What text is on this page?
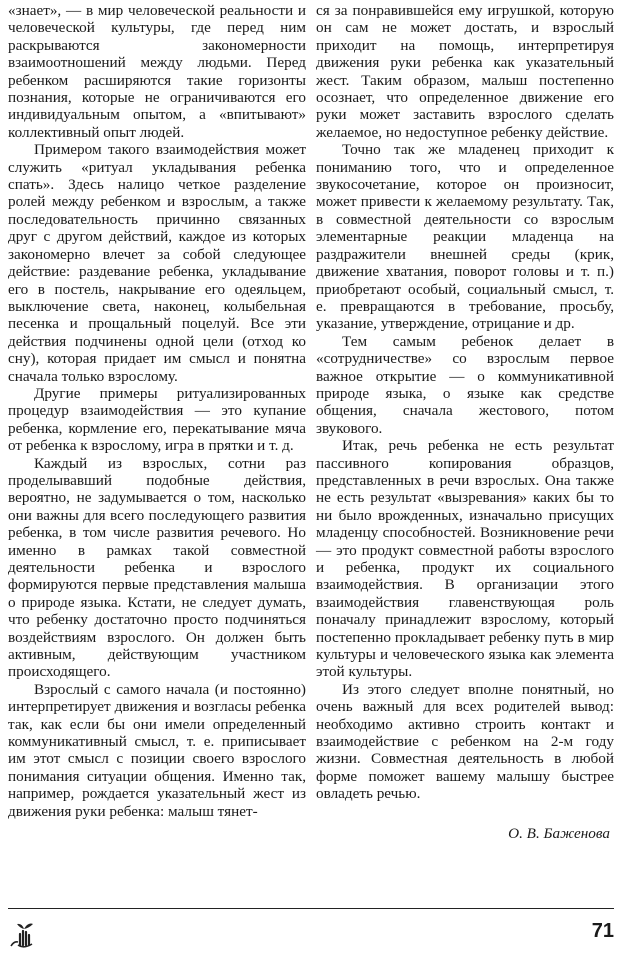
«знает», — в мир человеческой реальности и человеческой культуры, где перед ним раскрываются закономерности взаимоотношений между людьми. Перед ребенком расширяются такие горизонты познания, которые не ограничиваются его индивидуальным опытом, а «впитывают» коллективный опыт людей.

Примером такого взаимодействия может служить «ритуал укладывания ребенка спать». Здесь налицо четкое разделение ролей между ребенком и взрослым, а также последовательность причинно связанных друг с другом действий, каждое из которых закономерно влечет за собой следующее действие: раздевание ребенка, укладывание его в постель, накрывание его одеяльцем, выключение света, наконец, колыбельная песенка и прощальный поцелуй. Все эти действия подчинены одной цели (отход ко сну), которая придает им смысл и понятна сначала только взрослому.

Другие примеры ритуализированных процедур взаимодействия — это купание ребенка, кормление его, перекатывание мяча от ребенка к взрослому, игра в прятки и т. д.

Каждый из взрослых, сотни раз проделывавший подобные действия, вероятно, не задумывается о том, насколько они важны для всего последующего развития ребенка, в том числе развития речевого. Но именно в рамках такой совместной деятельности ребенка и взрослого формируются первые представления малыша о природе языка. Кстати, не следует думать, что ребенку достаточно просто подчиняться воздействиям взрослого. Он должен быть активным, действующим участником происходящего.

Взрослый с самого начала (и постоянно) интерпретирует движения и возгласы ребенка так, как если бы они имели определенный коммуникативный смысл, т. е. приписывает им этот смысл с позиции своего взрослого понимания ситуации общения. Именно так, например, рождается указательный жест из движения руки ребенка: малыш тянет-

ся за понравившейся ему игрушкой, которую он сам не может достать, и взрослый приходит на помощь, интерпретируя движения руки ребенка как указательный жест. Таким образом, малыш постепенно осознает, что определенное движение его руки может заставить взрослого сделать желаемое, но недоступное ребенку действие.

Точно так же младенец приходит к пониманию того, что и определенное звукосочетание, которое он произносит, может привести к желаемому результату. Так, в совместной деятельности со взрослым элементарные реакции младенца на раздражители внешней среды (крик, движение хватания, поворот головы и т. п.) приобретают особый, социальный смысл, т. е. превращаются в требование, просьбу, указание, утверждение, отрицание и др.

Тем самым ребенок делает в «сотрудничестве» со взрослым первое важное открытие — о коммуникативной природе языка, о языке как средстве общения, сначала жестового, потом звукового.

Итак, речь ребенка не есть результат пассивного копирования образцов, представленных в речи взрослых. Она также не есть результат «вызревания» каких бы то ни было врожденных, изначально присущих младенцу способностей. Возникновение речи — это продукт совместной работы взрослого и ребенка, продукт их социального взаимодействия. В организации этого взаимодействия главенствующая роль поначалу принадлежит взрослому, который постепенно прокладывает ребенку путь в мир культуры и человеческого языка как элемента этой культуры.

Из этого следует вполне понятный, но очень важный для всех родителей вывод: необходимо активно строить контакт и взаимодействие с ребенком на 2-м году жизни. Совместная деятельность в любой форме поможет вашему малышу быстрее овладеть речью.

О. В. Баженова
71
